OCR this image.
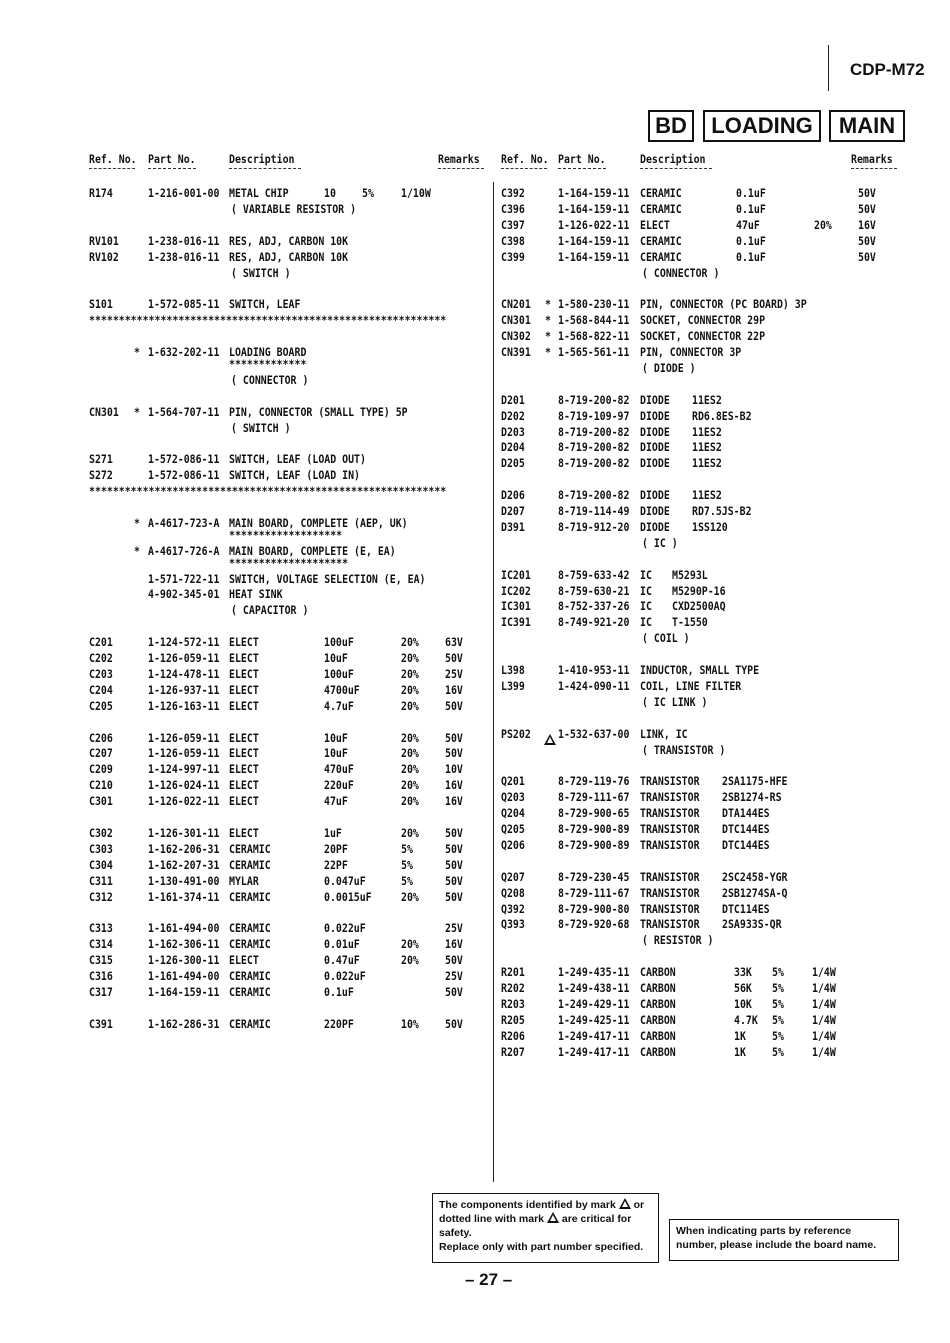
CDP-M72
BD LOADING	MAIN
Ref. No. Part No.	Description	Remarks Ref. No. Part No.	Description	Remarks
R174	1-216-001-00 METAL CHIP	10 5% 1/10W
( VARIABLE RESISTOR )
RV101	1-238-016-11 RES, ADJ, CARBON 10K
RV102	1-238-016-11 RES, ADJ, CARBON 10K
( SWITCH )
S101	1-572-085-11 SWITCH, LEAF
************************************************************
* 1-632-202-11 LOADING BOARD
*************
( CONNECTOR )
CN301 * 1-564-707-11 PIN, CONNECTOR (SMALL TYPE) 5P
( SWITCH )
S271	1-572-086-11 SWITCH, LEAF (LOAD OUT)
S272	1-572-086-11 SWITCH, LEAF (LOAD IN)
************************************************************
* A-4617-723-A MAIN BOARD, COMPLETE (AEP, UK)
*******************
* A-4617-726-A MAIN BOARD, COMPLETE (E, EA)
********************
1-571-722-11 SWITCH, VOLTAGE SELECTION (E, EA)
4-902-345-01 HEAT SINK
( CAPACITOR )
C201	1-124-572-11 ELECT	100uF	20% 63V
C202	1-126-059-11 ELECT	10uF	20% 50V
C203	1-124-478-11 ELECT	100uF	20% 25V
C204	1-126-937-11 ELECT	4700uF	20% 16V
C205	1-126-163-11 ELECT	4.7uF	20% 50V
C206	1-126-059-11 ELECT	10uF	20% 50V
C207	1-126-059-11 ELECT	10uF	20% 50V
C209	1-124-997-11 ELECT	470uF	20% 10V
C210	1-126-024-11 ELECT	220uF	20% 16V
C301	1-126-022-11 ELECT	47uF	20% 16V
C302	1-126-301-11 ELECT	1uF	20% 50V
C303	1-162-206-31 CERAMIC	20PF	5%	50V
C304	1-162-207-31 CERAMIC	22PF	5%	50V
C311	1-130-491-00 MYLAR	0.047uF	5%	50V
C312	1-161-374-11 CERAMIC	0.0015uF	20% 50V
C313	1-161-494-00 CERAMIC	0.022uF	25V
C314	1-162-306-11 CERAMIC	0.01uF	20% 16V
C315	1-126-300-11 ELECT	0.47uF	20% 50V
C316	1-161-494-00 CERAMIC	0.022uF	25V
C317	1-164-159-11 CERAMIC	0.1uF	50V
C391	1-162-286-31 CERAMIC	220PF	10% 50V
C392	1-164-159-11 CERAMIC	0.1uF	50V
C396	1-164-159-11 CERAMIC	0.1uF	50V
C397	1-126-022-11 ELECT	47uF	20% 16V
C398	1-164-159-11 CERAMIC	0.1uF	50V
C399	1-164-159-11 CERAMIC	0.1uF	50V
( CONNECTOR )
CN201 * 1-580-230-11 PIN, CONNECTOR (PC BOARD) 3P
CN301 * 1-568-844-11 SOCKET, CONNECTOR 29P
CN302 * 1-568-822-11 SOCKET, CONNECTOR 22P
CN391 * 1-565-561-11 PIN, CONNECTOR 3P
( DIODE )
D201	8-719-200-82 DIODE 11ES2
D202	8-719-109-97 DIODE RD6.8ES-B2
D203	8-719-200-82 DIODE 11ES2
D204	8-719-200-82 DIODE 11ES2
D205	8-719-200-82 DIODE 11ES2
D206	8-719-200-82 DIODE 11ES2
D207	8-719-114-49 DIODE RD7.5JS-B2
D391	8-719-912-20 DIODE 1SS120
( IC )
IC201 8-759-633-42 IC M5293L
IC202 8-759-630-21 IC M5290P-16
IC301 8-752-337-26 IC CXD2500AQ
IC391 8-749-921-20 IC T-1550
( COIL )
L398	1-410-953-11 INDUCTOR, SMALL TYPE
L399	1-424-090-11 COIL, LINE FILTER
( IC LINK )
PS202 1-532-637-00 LINK, IC
( TRANSISTOR )
Q201	8-729-119-76 TRANSISTOR 2SA1175-HFE
Q203	8-729-111-67 TRANSISTOR 2SB1274-RS
Q204	8-729-900-65 TRANSISTOR DTA144ES
Q205	8-729-900-89 TRANSISTOR DTC144ES
Q206	8-729-900-89 TRANSISTOR DTC144ES
Q207	8-729-230-45 TRANSISTOR 2SC2458-YGR
Q208	8-729-111-67 TRANSISTOR 2SB1274SA-Q
Q392	8-729-900-80 TRANSISTOR DTC114ES
Q393	8-729-920-68 TRANSISTOR 2SA933S-QR
( RESISTOR )
R201	1-249-435-11 CARBON	33K 5% 1/4W
R202	1-249-438-11 CARBON	56K 5% 1/4W
R203	1-249-429-11 CARBON	10K 5% 1/4W
R205	1-249-425-11 CARBON	4.7K 5% 1/4W
R206	1-249-417-11 CARBON	1K 5% 1/4W
R207	1-249-417-11 CARBON	1K 5% 1/4W
The components identified by mark or
dotted line with mark are critical for
safety.
Replace only with part number specified.
When indicating parts by reference number, please include the board name.
– 27 –
